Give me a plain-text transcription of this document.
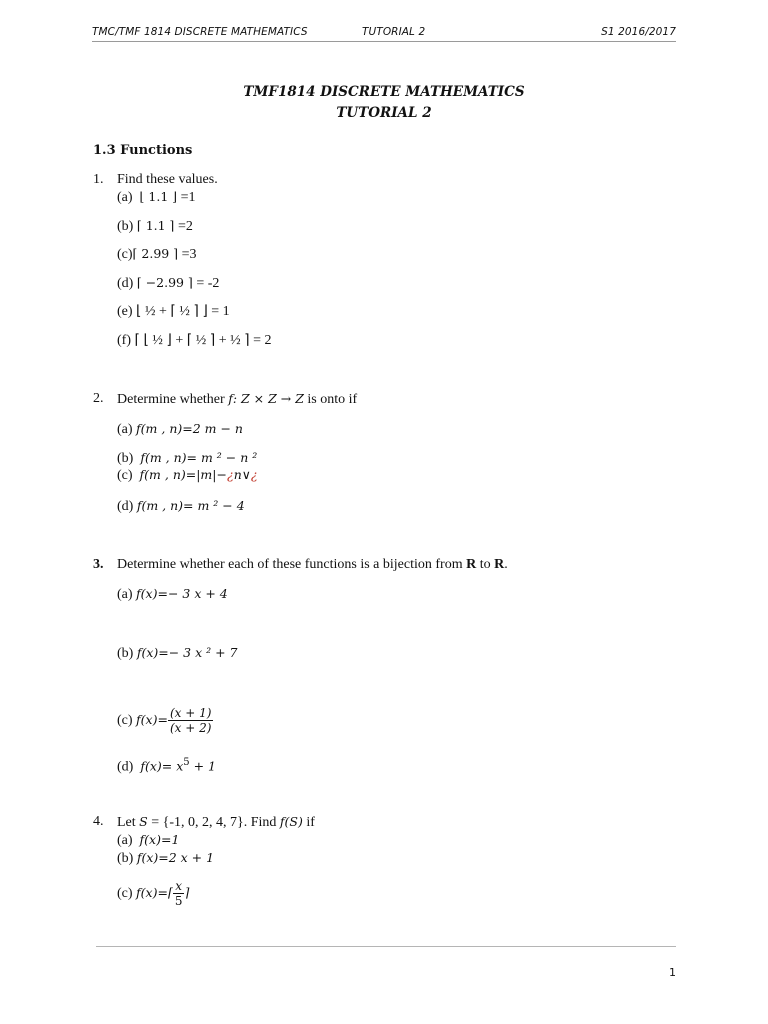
TMC/TMF 1814 DISCRETE MATHEMATICS	TUTORIAL 2	S1 2016/2017
TMF1814 DISCRETE MATHEMATICS
TUTORIAL 2
1.3 Functions
1. Find these values.
(a) ⌊ 1.1 ⌋ =1
(b) ⌈ 1.1 ⌉ =2
(c)⌈ 2.99 ⌉ =3
(d) ⌈ −2.99 ⌉ = -2
(e) ⌊ ½ + ⌈ ½ ⌉ ⌋ = 1
(f) ⌈ ⌊ ½ ⌋ + ⌈ ½ ⌉ + ½ ⌉ = 2
2. Determine whether f: Z × Z → Z is onto if
(a) f(m , n)=2 m − n
(b) f(m , n)= m ² − n ²
(c) f(m , n)=|m|−¿n∨¿
(d) f(m , n)= m ² − 4
3. Determine whether each of these functions is a bijection from R to R.
(a) f(x)=− 3 x + 4
(b) f(x)=− 3 x ² + 7
(c) $f(x)= \frac{(x + 1)}{(x + 2)}$
(d) $f(x)= x^5 + 1$
4. Let S = {-1, 0, 2, 4, 7}. Find f(S) if
(a) f(x)=1
(b) f(x)=2 x + 1
(c) f(x)=⌈ $\frac{x}{5}$ ⌉
1
